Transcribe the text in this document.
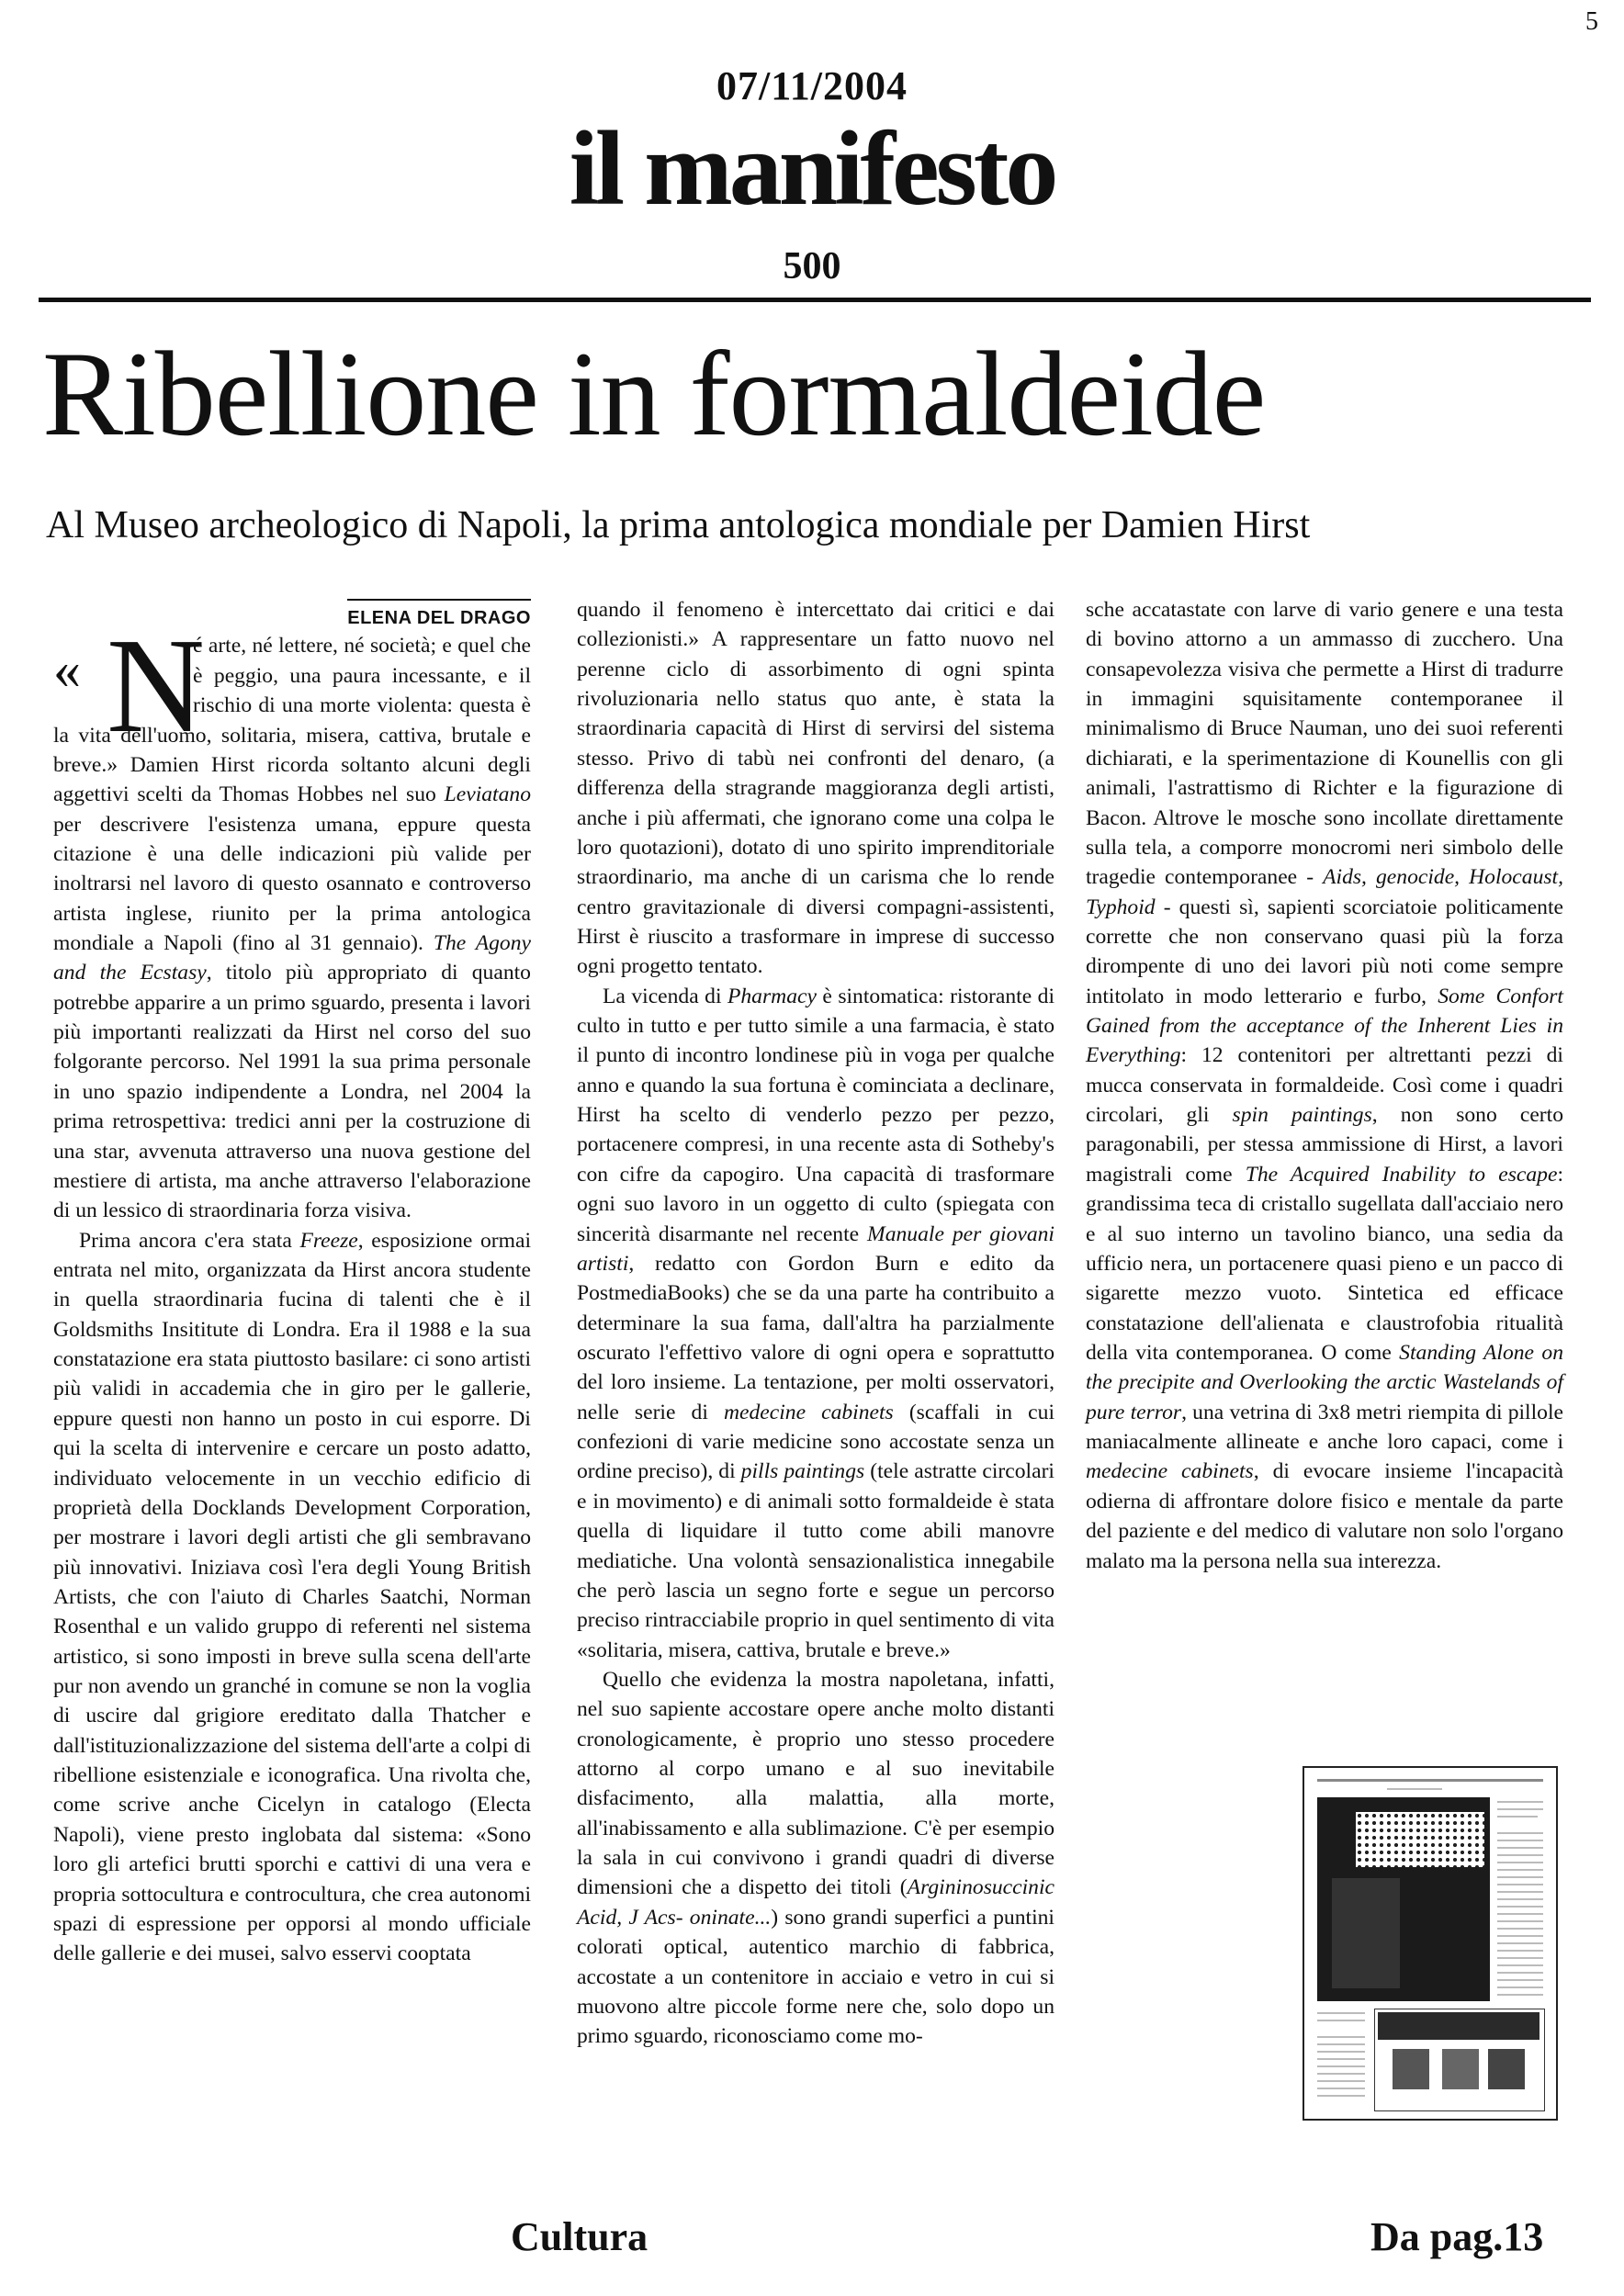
5
07/11/2004
il manifesto
500
Ribellione in formaldeide
Al Museo archeologico di Napoli, la prima antologica mondiale per Damien Hirst
ELENA DEL DRAGO

« N
é arte, né lettere, né società; e quel che è peggio, una paura incessante, e il rischio di una morte violenta: questa è la vita dell'uomo, solitaria, misera, cattiva, brutale e breve.» Damien Hirst ricorda soltanto alcuni degli aggettivi scelti da Thomas Hobbes nel suo Leviatano per descrivere l'esistenza umana, eppure questa citazione è una delle indicazioni più valide per inoltrarsi nel lavoro di questo osannato e controverso artista inglese, riunito per la prima antologica mondiale a Napoli (fino al 31 gennaio). The Agony and the Ecstasy, titolo più appropriato di quanto potrebbe apparire a un primo sguardo, presenta i lavori più importanti realizzati da Hirst nel corso del suo folgorante percorso. Nel 1991 la sua prima personale in uno spazio indipendente a Londra, nel 2004 la prima retrospettiva: tredici anni per la costruzione di una star, avvenuta attraverso una nuova gestione del mestiere di artista, ma anche attraverso l'elaborazione di un lessico di straordinaria forza visiva.

Prima ancora c'era stata Freeze, esposizione ormai entrata nel mito, organizzata da Hirst ancora studente in quella straordinaria fucina di talenti che è il Goldsmiths Insititute di Londra. Era il 1988 e la sua constatazione era stata piuttosto basilare: ci sono artisti più validi in accademia che in giro per le gallerie, eppure questi non hanno un posto in cui esporre. Di qui la scelta di intervenire e cercare un posto adatto, individuato velocemente in un vecchio edificio di proprietà della Docklands Development Corporation, per mostrare i lavori degli artisti che gli sembravano più innovativi. Iniziava così l'era degli Young British Artists, che con l'aiuto di Charles Saatchi, Norman Rosenthal e un valido gruppo di referenti nel sistema artistico, si sono imposti in breve sulla scena dell'arte pur non avendo un granché in comune se non la voglia di uscire dal grigiore ereditato dalla Thatcher e dall'istituzionalizzazione del sistema dell'arte a colpi di ribellione esistenziale e iconografica. Una rivolta che, come scrive anche Cicelyn in catalogo (Electa Napoli), viene presto inglobata dal sistema: «Sono loro gli artefici brutti sporchi e cattivi di una vera e propria sottocultura e controcultura, che crea autonomi spazi di espressione per opporsi al mondo ufficiale delle gallerie e dei musei, salvo esservi cooptata

quando il fenomeno è intercettato dai critici e dai collezionisti.» A rappresentare un fatto nuovo nel perenne ciclo di assorbimento di ogni spinta rivoluzionaria nello status quo ante, è stata la straordinaria capacità di Hirst di servirsi del sistema stesso. Privo di tabù nei confronti del denaro, (a differenza della stragrande maggioranza degli artisti, anche i più affermati, che ignorano come una colpa le loro quotazioni), dotato di uno spirito imprenditoriale straordinario, ma anche di un carisma che lo rende centro gravitazionale di diversi compagni-assistenti, Hirst è riuscito a trasformare in imprese di successo ogni progetto tentato.

La vicenda di Pharmacy è sintomatica: ristorante di culto in tutto e per tutto simile a una farmacia, è stato il punto di incontro londinese più in voga per qualche anno e quando la sua fortuna è cominciata a declinare, Hirst ha scelto di venderlo pezzo per pezzo, portacenere compresi, in una recente asta di Sotheby's con cifre da capogiro. Una capacità di trasformare ogni suo lavoro in un oggetto di culto (spiegata con sincerità disarmante nel recente Manuale per giovani artisti, redatto con Gordon Burn e edito da PostmediaBooks) che se da una parte ha contribuito a determinare la sua fama, dall'altra ha parzialmente oscurato l'effettivo valore di ogni opera e soprattutto del loro insieme. La tentazione, per molti osservatori, nelle serie di medecine cabinets (scaffali in cui confezioni di varie medicine sono accostate senza un ordine preciso), di pills paintings (tele astratte circolari e in movimento) e di animali sotto formaldeide è stata quella di liquidare il tutto come abili manovre mediatiche. Una volontà sensazionalistica innegabile che però lascia un segno forte e segue un percorso preciso rintracciabile proprio in quel sentimento di vita «solitaria, misera, cattiva, brutale e breve.»

Quello che evidenza la mostra napoletana, infatti, nel suo sapiente accostare opere anche molto distanti cronologicamente, è proprio uno stesso procedere attorno al corpo umano e al suo inevitabile disfacimento, alla malattia, alla morte, all'inabissamento e alla sublimazione. C'è per esempio la sala in cui convivono i grandi quadri di diverse dimensioni che a dispetto dei titoli (Argininosuccinic Acid, J Acs- oninate...) sono grandi superfici a puntini colorati optical, autentico marchio di fabbrica, accostate a un contenitore in acciaio e vetro in cui si muovono altre piccole forme nere che, solo dopo un primo sguardo, riconosciamo come mo-

sche accatastate con larve di vario genere e una testa di bovino attorno a un ammasso di zucchero. Una consapevolezza visiva che permette a Hirst di tradurre in immagini squisitamente contemporanee il minimalismo di Bruce Nauman, uno dei suoi referenti dichiarati, e la sperimentazione di Kounellis con gli animali, l'astrattismo di Richter e la figurazione di Bacon. Altrove le mosche sono incollate direttamente sulla tela, a comporre monocromi neri simbolo delle tragedie contemporanee - Aids, genocide, Holocaust, Typhoid - questi sì, sapienti scorciatoie politicamente corrette che non conservano quasi più la forza dirompente di uno dei lavori più noti come sempre intitolato in modo letterario e furbo, Some Confort Gained from the acceptance of the Inherent Lies in Everything: 12 contenitori per altrettanti pezzi di mucca conservata in formaldeide. Così come i quadri circolari, gli spin paintings, non sono certo paragonabili, per stessa ammissione di Hirst, a lavori magistrali come The Acquired Inability to escape: grandissima teca di cristallo sugellata dall'acciaio nero e al suo interno un tavolino bianco, una sedia da ufficio nera, un portacenere quasi pieno e un pacco di sigarette mezzo vuoto. Sintetica ed efficace constatazione dell'alienata e claustrofobia ritualità della vita contemporanea. O come Standing Alone on the precipite and Overlooking the arctic Wastelands of pure terror, una vetrina di 3x8 metri riempita di pillole maniacalmente allineate e anche loro capaci, come i medecine cabinets, di evocare insieme l'incapacità odierna di affrontare dolore fisico e mentale da parte del paziente e del medico di valutare non solo l'organo malato ma la persona nella sua interezza.

Cultura	Da pag.13
